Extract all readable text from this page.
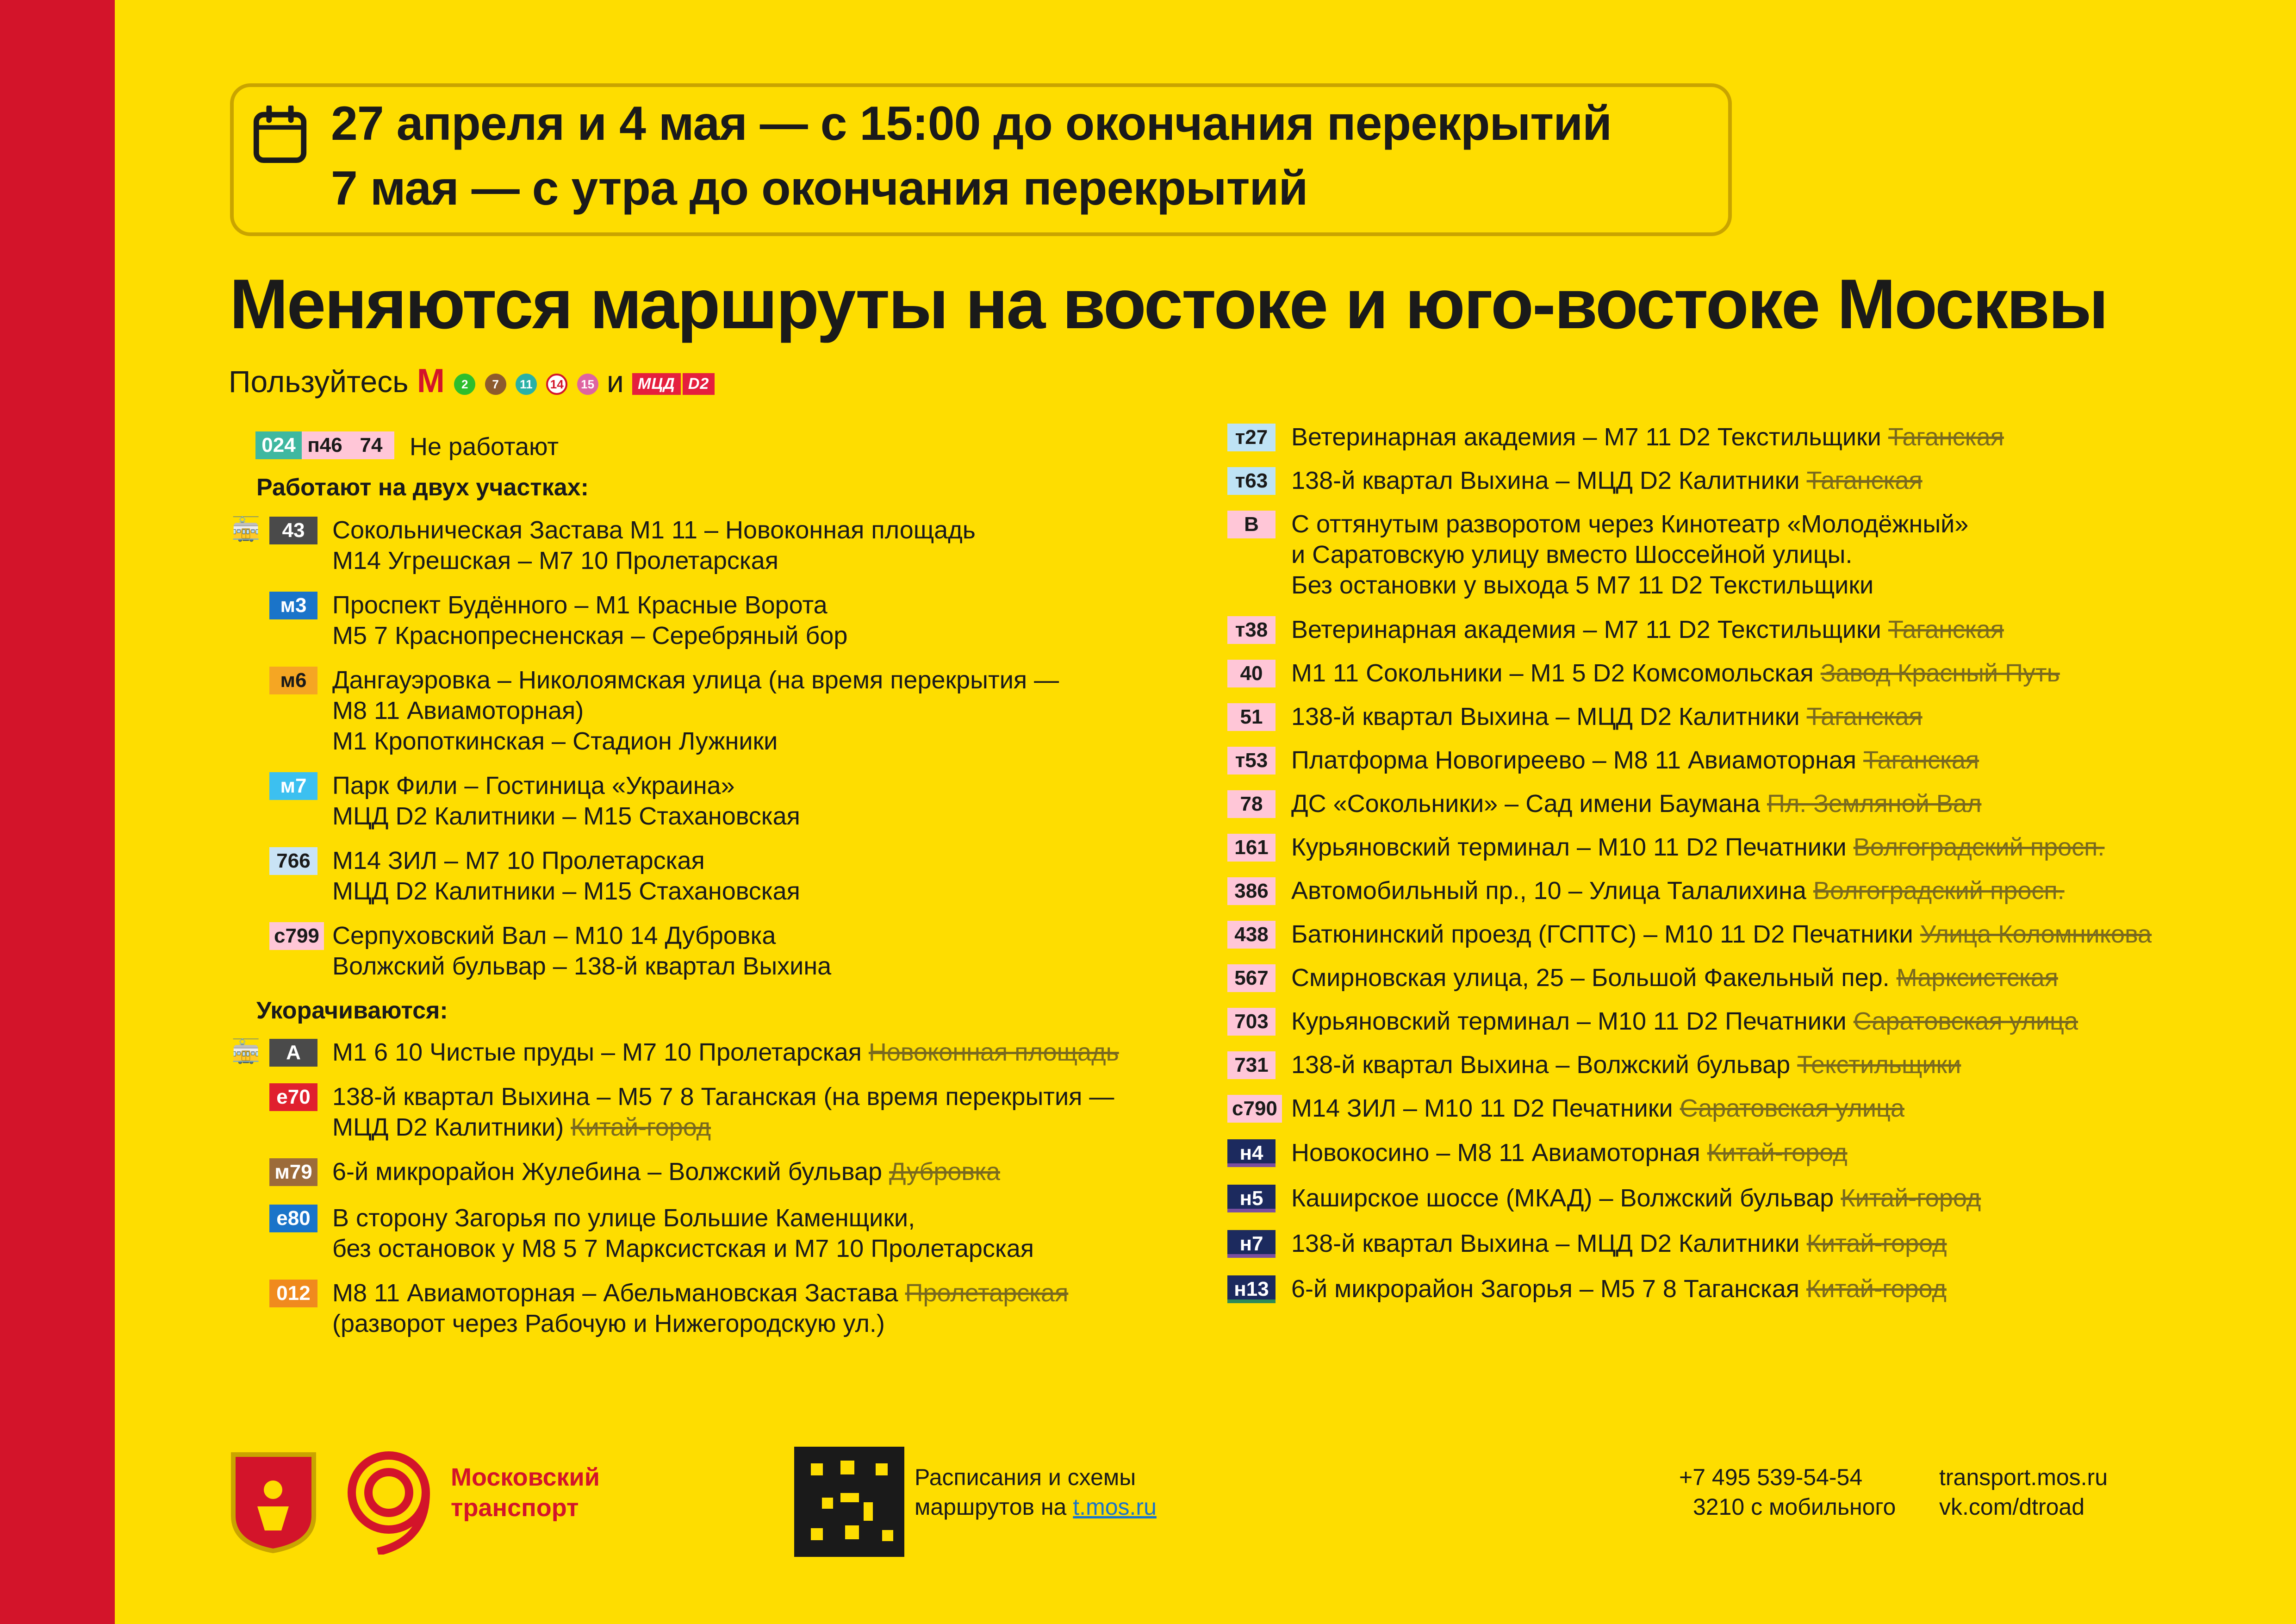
27 апреля и 4 мая — с 15:00 до окончания перекрытий
7 мая — с утра до окончания перекрытий
Меняются маршруты на востоке и юго-востоке Москвы
Пользуйтесь M 2 7 11 14 15 и МЦД D2
024 п46 74 Не работают
Работают на двух участках:
🚋	43	Сокольническая Застава М1 11 – Новоконная площадь
М14 Угрешская – М7 10 Пролетарская
м3	Проспект Будённого – М1 Красные Ворота
М5 7 Краснопресненская – Серебряный бор
м6	Дангауэровка – Николоямская улица (на время перекрытия —
М8 11 Авиамоторная)
М1 Кропоткинская – Стадион Лужники
м7	Парк Фили – Гостиница «Украина»
МЦД D2 Калитники – М15 Стахановская
766 М14 ЗИЛ – М7 10 Пролетарская
МЦД D2 Калитники – М15 Стахановская
с799 Серпуховский Вал – М10 14 Дубровка
Волжский бульвар – 138-й квартал Выхина
Укорачиваются:
🚋	А	М1 6 10 Чистые пруды – М7 10 Пролетарская Новоконная площадь
е70 138-й квартал Выхина – М5 7 8 Таганская (на время перекрытия —
МЦД D2 Калитники) Китай-город
м79 6-й микрорайон Жулебина – Волжский бульвар Дубровка
е80 В сторону Загорья по улице Большие Каменщики,
без остановок у М8 5 7 Марксистская и М7 10 Пролетарская
012 М8 11 Авиамоторная – Абельмановская Застава Пролетарская
(разворот через Рабочую и Нижегородскую ул.)
т27 Ветеринарная академия – М7 11 D2 Текстильщики Таганская
т63 138-й квартал Выхина – МЦД D2 Калитники Таганская
В	С оттянутым разворотом через Кинотеатр «Молодёжный»
и Саратовскую улицу вместо Шоссейной улицы.
Без остановки у выхода 5 М7 11 D2 Текстильщики
т38 Ветеринарная академия – М7 11 D2 Текстильщики Таганская
40	М1 11 Сокольники – М1 5 D2 Комсомольская Завод Красный Путь
51	138-й квартал Выхина – МЦД D2 Калитники Таганская
т53 Платформа Новогиреево – М8 11 Авиамоторная Таганская
78	ДС «Сокольники» – Сад имени Баумана Пл. Земляной Вал
161 Курьяновский терминал – М10 11 D2 Печатники Волгоградский просп.
386 Автомобильный пр., 10 – Улица Талалихина Волгоградский просп.
438 Батюнинский проезд (ГСПТС) – М10 11 D2 Печатники Улица Коломникова
567 Смирновская улица, 25 – Большой Факельный пер. Марксистская
703 Курьяновский терминал – М10 11 D2 Печатники Саратовская улица
731 138-й квартал Выхина – Волжский бульвар Текстильщики
с790 М14 ЗИЛ – М10 11 D2 Печатники Саратовская улица
н4	Новокосино – М8 11 Авиамоторная Китай-город
н5	Каширское шоссе (МКАД) – Волжский бульвар Китай-город
н7	138-й квартал Выхина – МЦД D2 Калитники Китай-город
н13 6-й микрорайон Загорья – М5 7 8 Таганская Китай-город
Московский
транспорт
Расписания и схемы
маршрутов на t.mos.ru
+7 495 539-54-54
3210 с мобильного
transport.mos.ru
vk.com/dtroad
